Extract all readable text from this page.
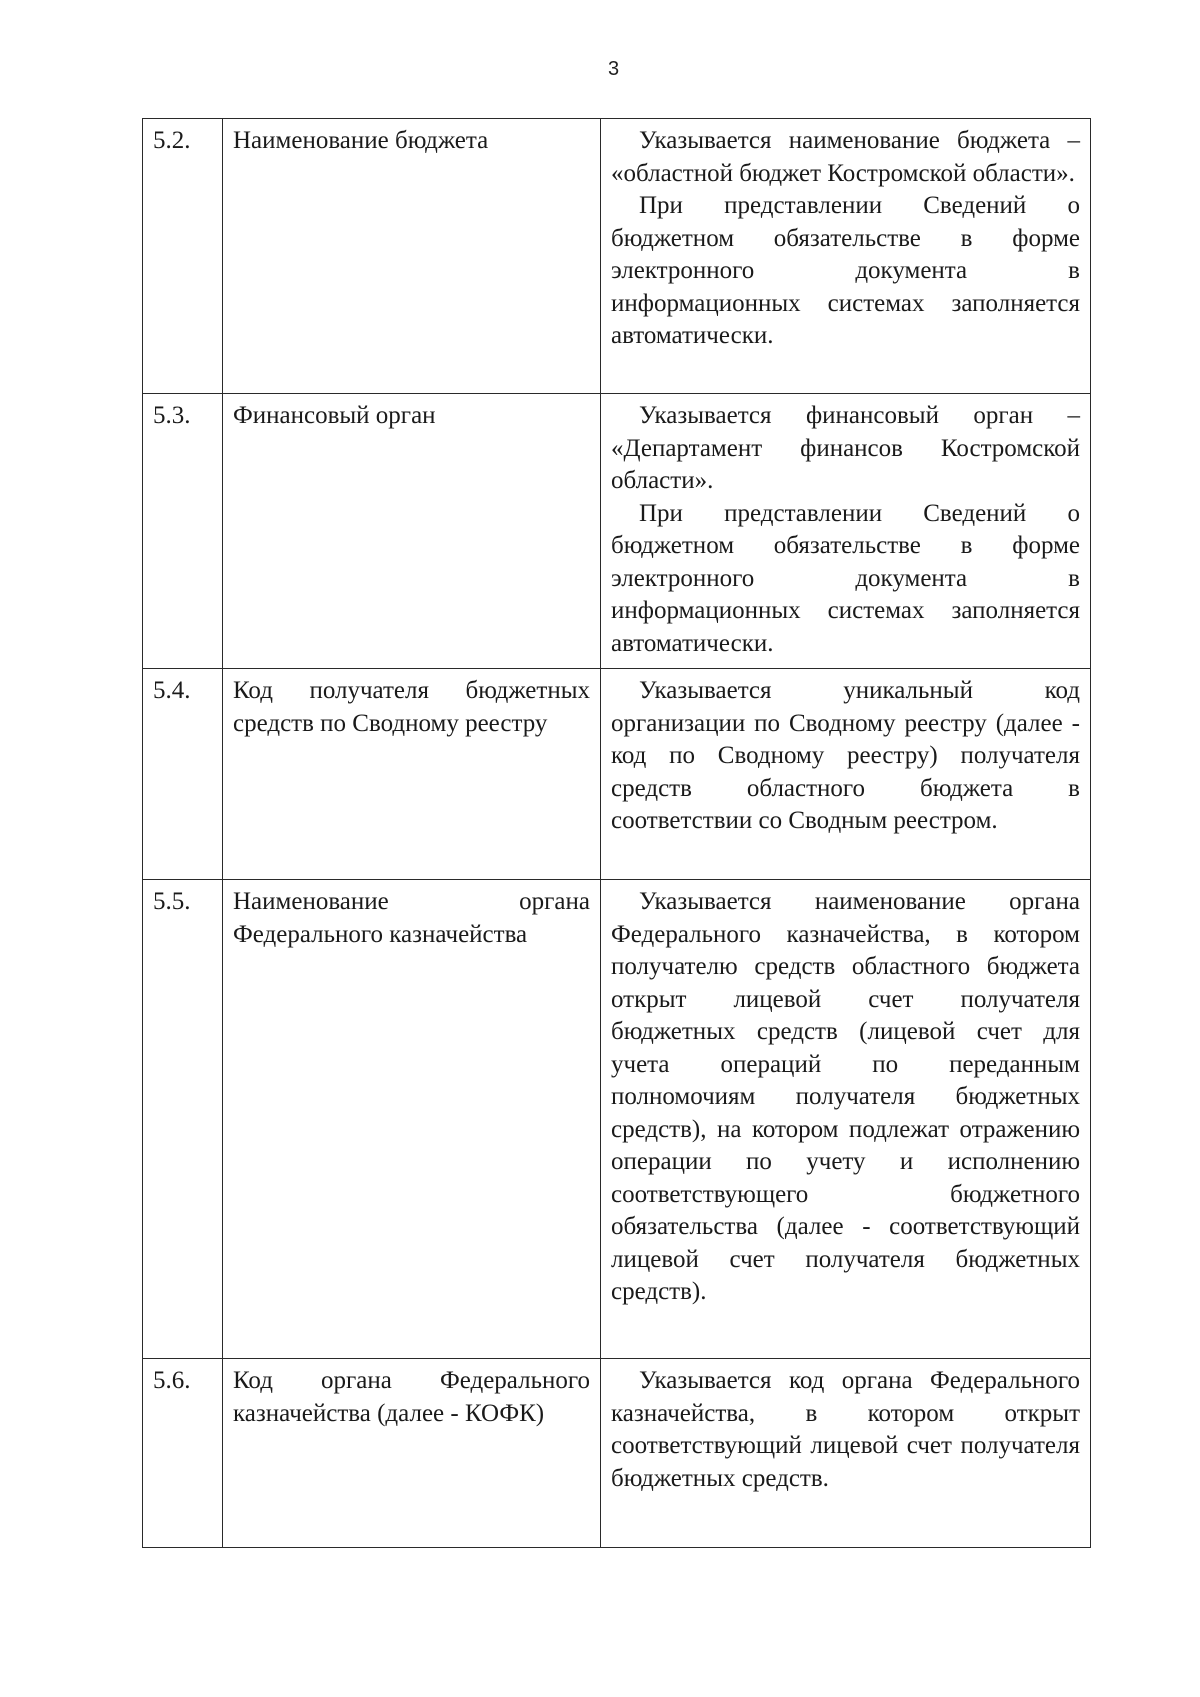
3
5.2.	Наименование бюджета	Указывается наименование бюджета – «областной бюджет Костромской области».

При представлении Сведений о бюджетном обязательстве в форме электронного документа в информационных системах заполняется автоматически.

5.3.	Финансовый орган	Указывается финансовый орган – «Департамент финансов Костромской области».

При представлении Сведений о бюджетном обязательстве в форме электронного документа в информационных системах заполняется автоматически.

5.4.	Код получателя бюджетных средств по Сводному реестру	Указывается уникальный код организации по Сводному реестру (далее - код по Сводному реестру) получателя средств областного бюджета в соответствии со Сводным реестром.

5.5.	Наименование органа Федерального казначейства	Указывается наименование органа Федерального казначейства, в котором получателю средств областного бюджета открыт лицевой счет получателя бюджетных средств (лицевой счет для учета операций по переданным полномочиям получателя бюджетных средств), на котором подлежат отражению операции по учету и исполнению соответствующего бюджетного обязательства (далее - соответствующий лицевой счет получателя бюджетных средств).

5.6.	Код органа Федерального казначейства (далее - КОФК)	Указывается код органа Федерального казначейства, в котором открыт соответствующий лицевой счет получателя бюджетных средств.
